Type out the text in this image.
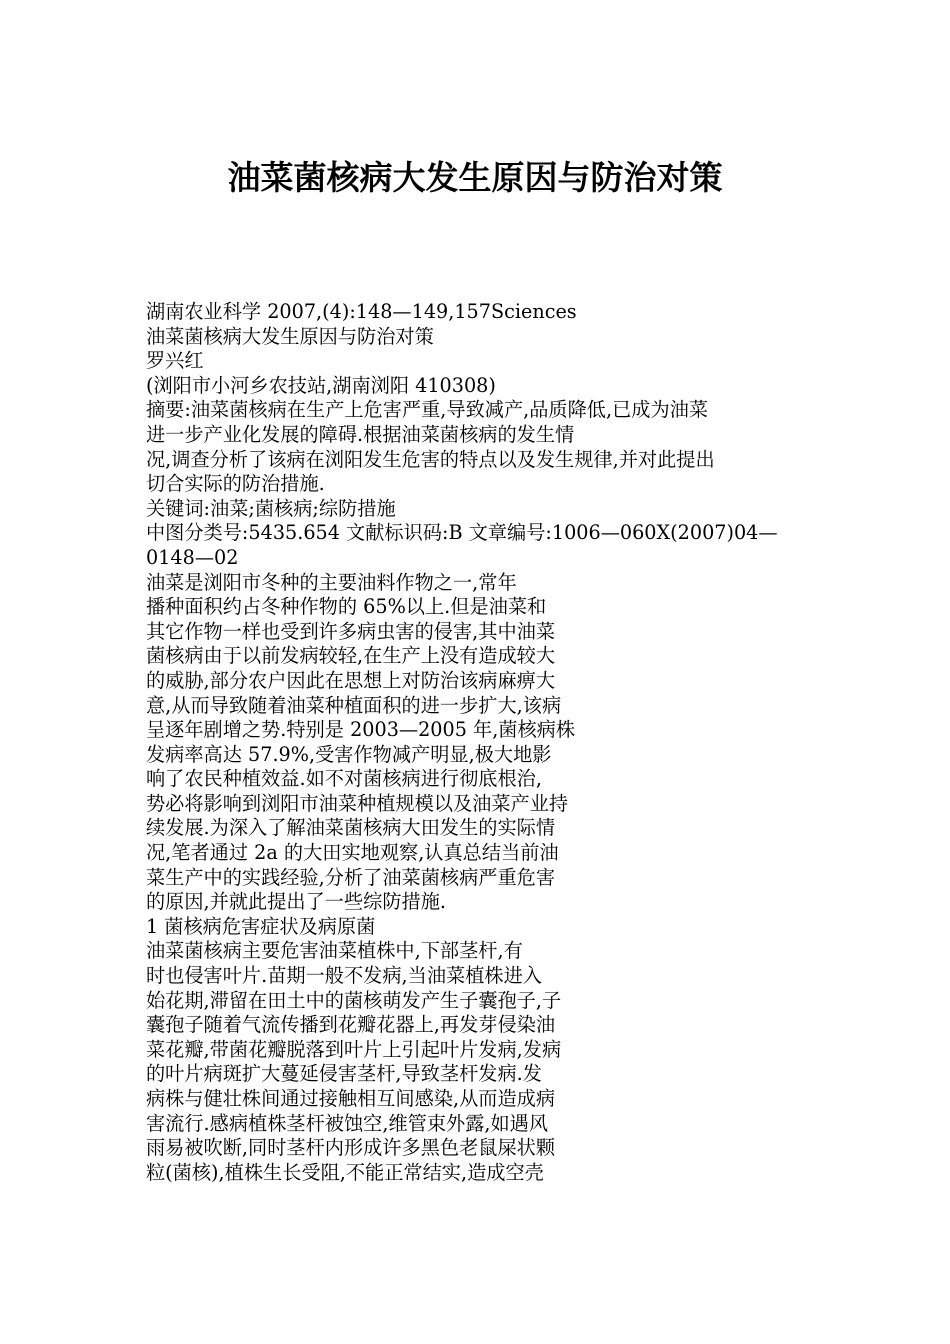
油菜菌核病大发生原因与防治对策
湖南农业科学 2007,(4):148—149,157Sciences
油菜菌核病大发生原因与防治对策
罗兴红
(浏阳市小河乡农技站,湖南浏阳 410308)
摘要:油菜菌核病在生产上危害严重,导致减产,品质降低,已成为油菜
进一步产业化发展的障碍.根据油菜菌核病的发生情
况,调查分析了该病在浏阳发生危害的特点以及发生规律,并对此提出
切合实际的防治措施.
关键词:油菜;菌核病;综防措施
中图分类号:5435.654 文献标识码:B 文章编号:1006—060X(2007)04—
0148—02
油菜是浏阳市冬种的主要油料作物之一,常年
播种面积约占冬种作物的 65%以上.但是油菜和
其它作物一样也受到许多病虫害的侵害,其中油菜
菌核病由于以前发病较轻,在生产上没有造成较大
的威胁,部分农户因此在思想上对防治该病麻痹大
意,从而导致随着油菜种植面积的进一步扩大,该病
呈逐年剧增之势.特别是 2003—2005 年,菌核病株
发病率高达 57.9%,受害作物减产明显,极大地影
响了农民种植效益.如不对菌核病进行彻底根治,
势必将影响到浏阳市油菜种植规模以及油菜产业持
续发展.为深入了解油菜菌核病大田发生的实际情
况,笔者通过 2a 的大田实地观察,认真总结当前油
菜生产中的实践经验,分析了油菜菌核病严重危害
的原因,并就此提出了一些综防措施.
1 菌核病危害症状及病原菌
油菜菌核病主要危害油菜植株中,下部茎杆,有
时也侵害叶片.苗期一般不发病,当油菜植株进入
始花期,滞留在田土中的菌核萌发产生子囊孢子,子
囊孢子随着气流传播到花瓣花器上,再发芽侵染油
菜花瓣,带菌花瓣脱落到叶片上引起叶片发病,发病
的叶片病斑扩大蔓延侵害茎杆,导致茎杆发病.发
病株与健壮株间通过接触相互间感染,从而造成病
害流行.感病植株茎杆被蚀空,维管束外露,如遇风
雨易被吹断,同时茎杆内形成许多黑色老鼠屎状颗
粒(菌核),植株生长受阻,不能正常结实,造成空壳
